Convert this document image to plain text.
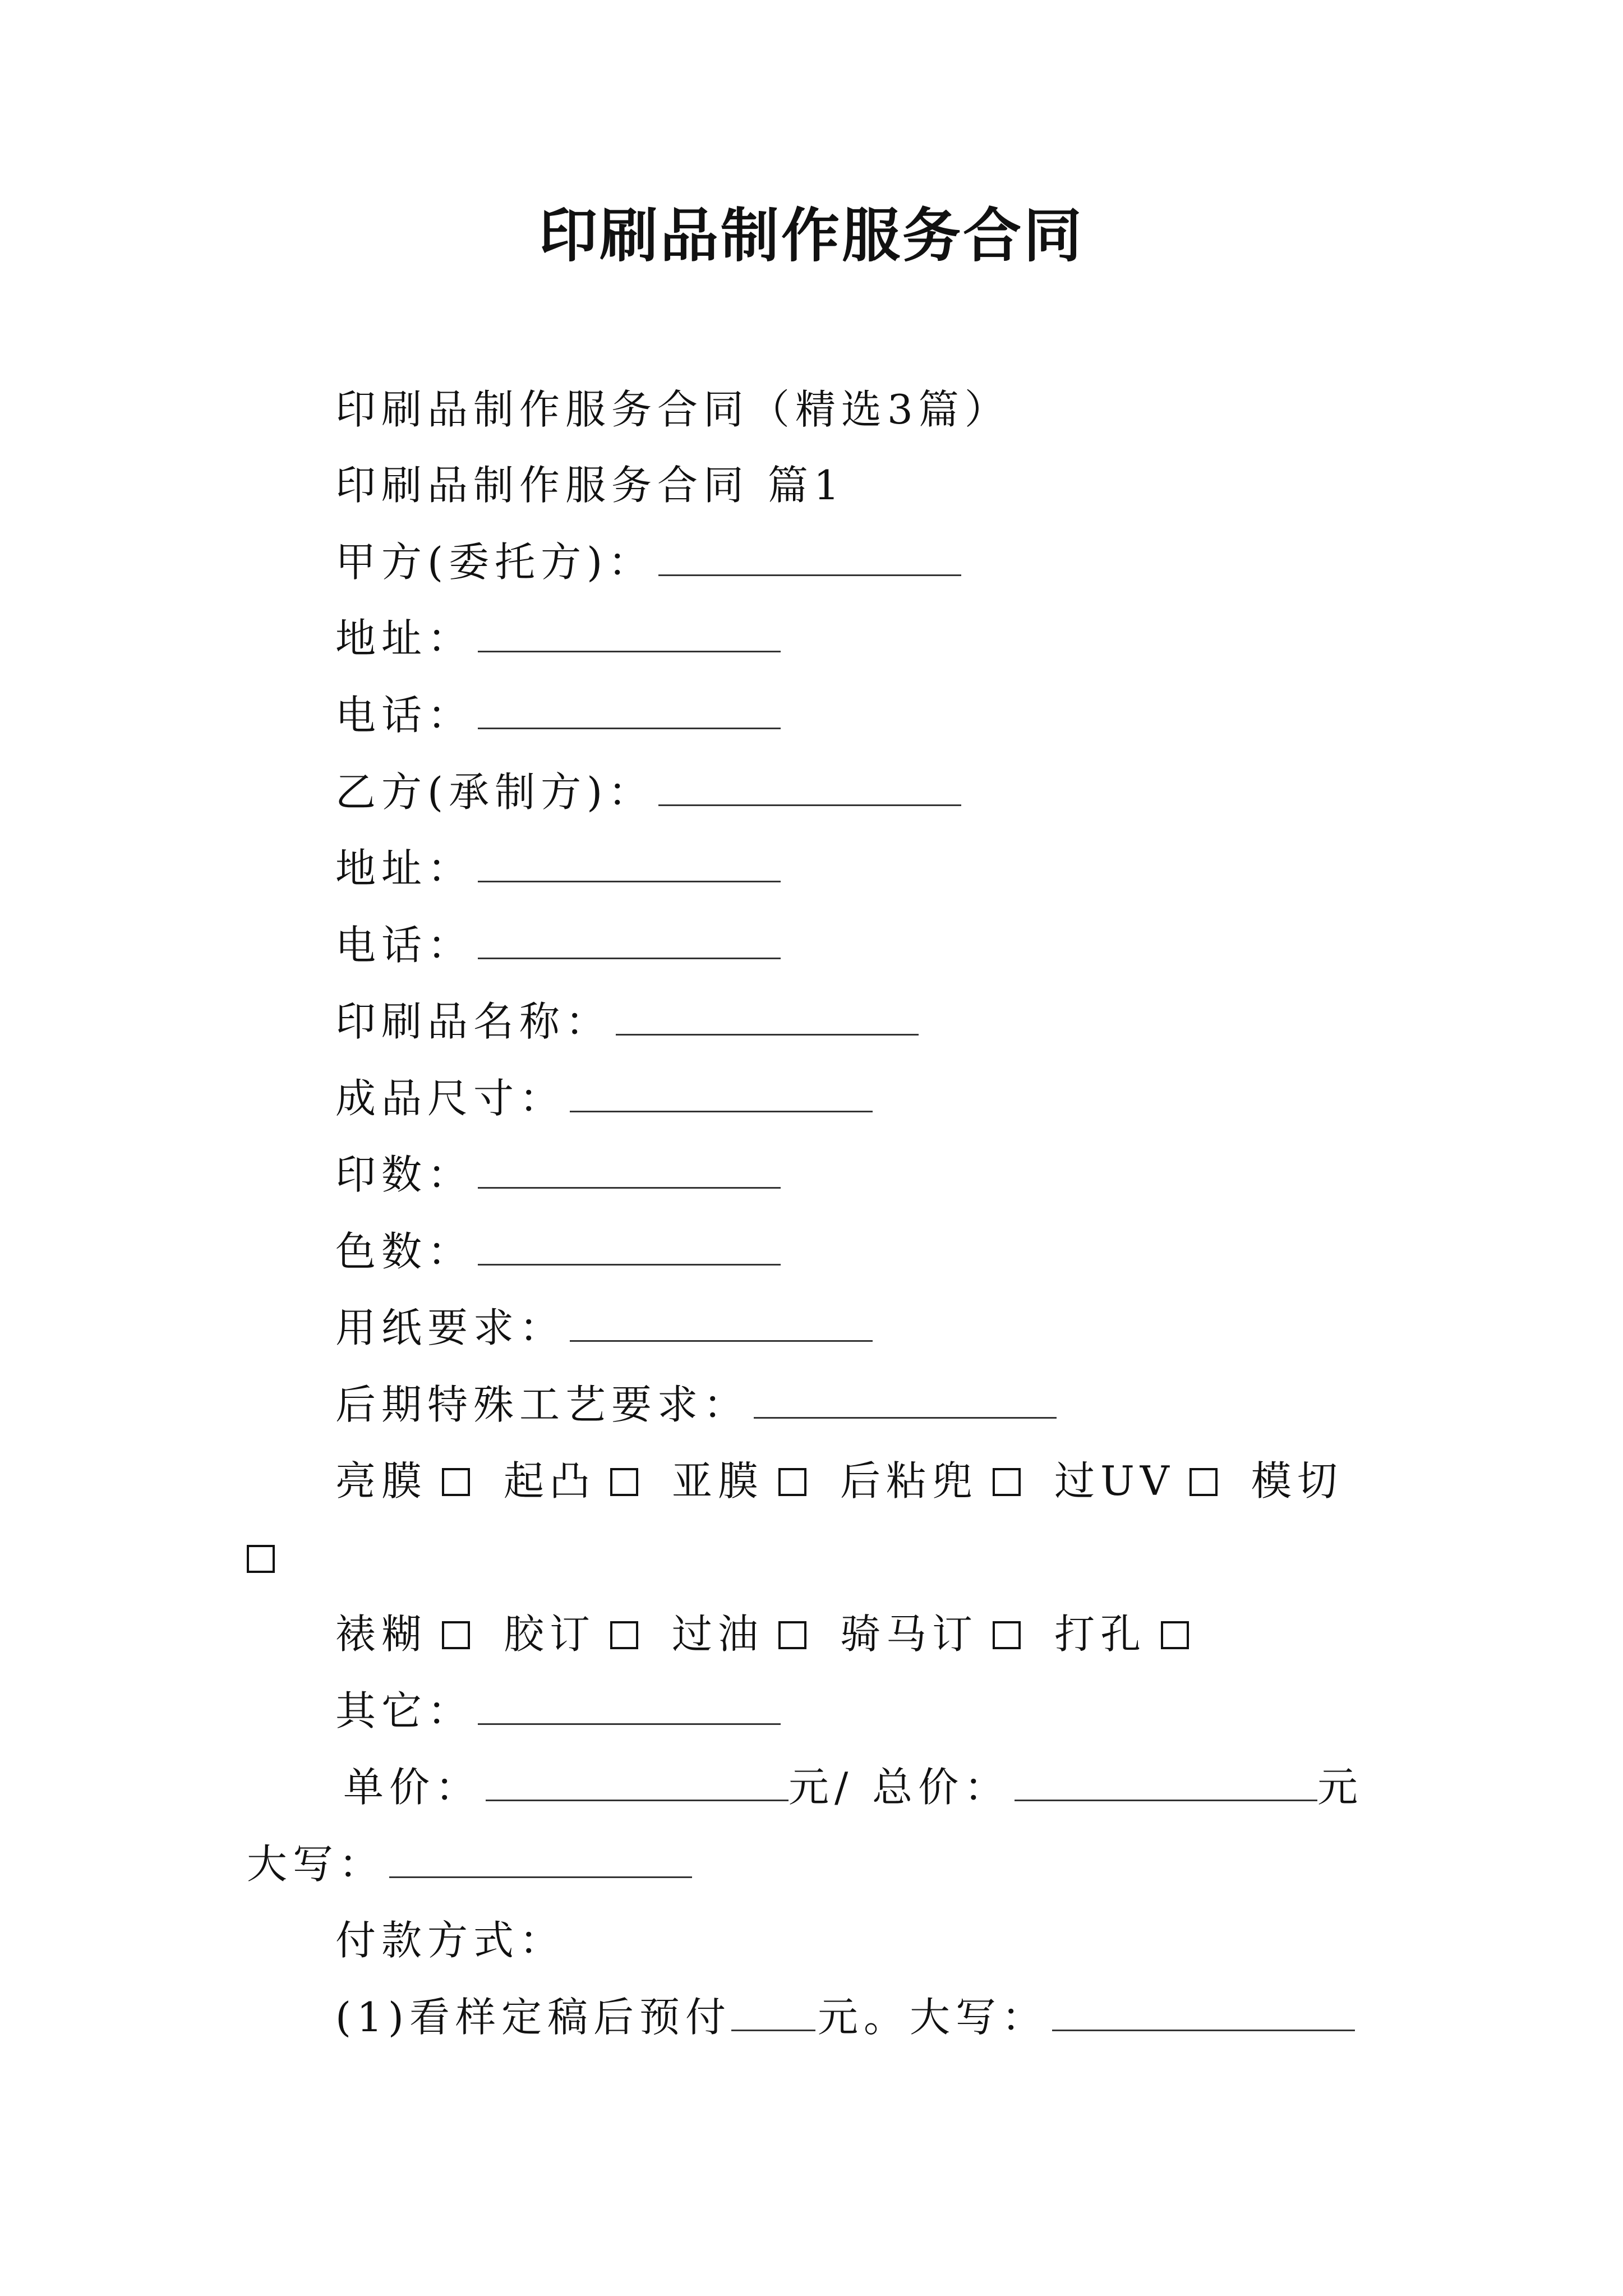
印刷品制作服务合同
印刷品制作服务合同（精选3篇）
印刷品制作服务合同 篇1
甲方(委托方)：
地址：
电话：
乙方(承制方)：
地址：
电话：
印刷品名称：
成品尺寸：
印数：
色数：
用纸要求：
后期特殊工艺要求：
亮膜 起凸 亚膜 后粘兜 过UV 模切
裱糊 胶订 过油 骑马订 打孔
其它：
单价：	元/ 总价：	元
大写：
付款方式：
(1)看样定稿后预付 元。大写：
